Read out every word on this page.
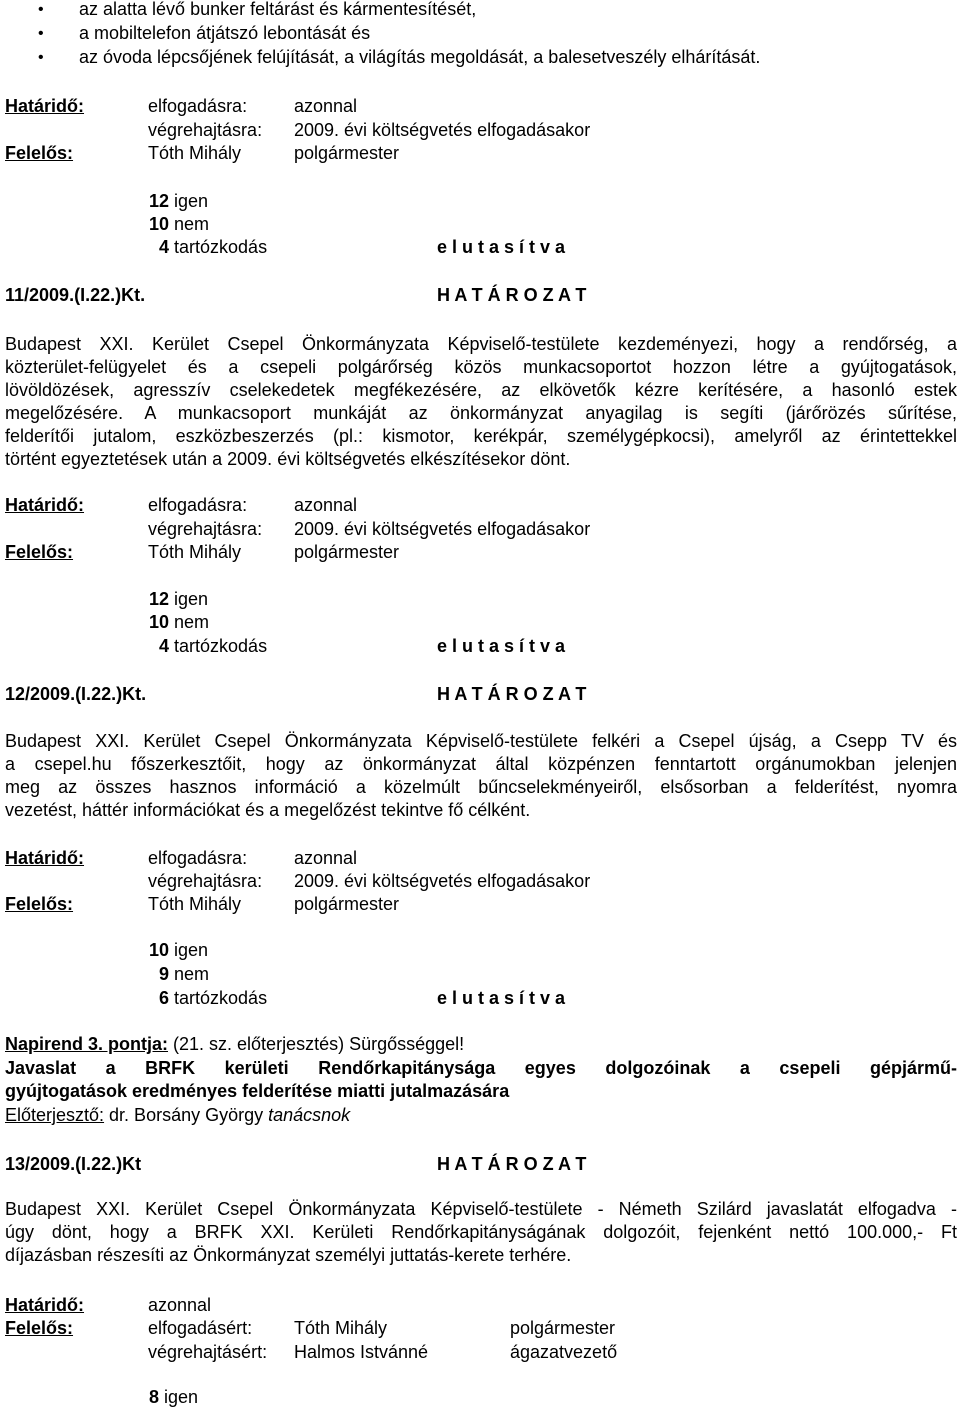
• az alatta lévő bunker feltárást és kármentesítését,
• a mobiltelefon átjátszó lebontását és
• az óvoda lépcsőjének felújítását, a világítás megoldását, a balesetveszély elhárítását.
Határidő:	elfogadásra:	azonnal
végrehajtásra: 2009. évi költségvetés elfogadásakor
Felelős:	Tóth Mihály	polgármester
12 igen
10 nem
4 tartózkodás	e l u t a s í t v a
11/2009.(I.22.)Kt.	H A T Á R O Z A T
Budapest XXI. Kerület Csepel Önkormányzata Képviselő-testülete kezdeményezi, hogy a rendőrség, a
közterület-felügyelet és a csepeli polgárőrség közös munkacsoportot hozzon létre a gyújtogatások,
lövöldözések, agresszív cselekedetek megfékezésére, az elkövetők kézre kerítésére, a hasonló estek
megelőzésére. A munkacsoport munkáját az önkormányzat anyagilag is segíti (járőrözés sűrítése,
felderítői jutalom, eszközbeszerzés (pl.: kismotor, kerékpár, személygépkocsi), amelyről az érintettekkel
történt egyeztetések után a 2009. évi költségvetés elkészítésekor dönt.
Határidő:	elfogadásra:	azonnal
végrehajtásra: 2009. évi költségvetés elfogadásakor
Felelős:	Tóth Mihály	polgármester
12 igen
10 nem
4 tartózkodás	e l u t a s í t v a
12/2009.(I.22.)Kt.	H A T Á R O Z A T
Budapest XXI. Kerület Csepel Önkormányzata Képviselő-testülete felkéri a Csepel újság, a Csepp TV és
a csepel.hu főszerkesztőit, hogy az önkormányzat által közpénzen fenntartott orgánumokban jelenjen
meg az összes hasznos információ a közelmúlt bűncselekményeiről, elsősorban a felderítést, nyomra
vezetést, háttér információkat és a megelőzést tekintve fő célként.
Határidő:	elfogadásra:	azonnal
végrehajtásra: 2009. évi költségvetés elfogadásakor
Felelős:	Tóth Mihály	polgármester
10 igen
9 nem
6 tartózkodás	e l u t a s í t v a
Napirend 3. pontja: (21. sz. előterjesztés) Sürgősséggel!
Javaslat a BRFK kerületi Rendőrkapitánysága egyes dolgozóinak a csepeli gépjármű-
gyújtogatások eredményes felderítése miatti jutalmazására
Előterjesztő: dr. Borsány György tanácsnok
13/2009.(I.22.)Kt	H A T Á R O Z A T
Budapest XXI. Kerület Csepel Önkormányzata Képviselő-testülete - Németh Szilárd javaslatát elfogadva -
úgy dönt, hogy a BRFK XXI. Kerületi Rendőrkapitányságának dolgozóit, fejenként nettó 100.000,- Ft
díjazásban részesíti az Önkormányzat személyi juttatás-kerete terhére.
Határidő:	azonnal
Felelős:	elfogadásért: Tóth Mihály	polgármester
végrehajtásért: Halmos Istvánné	ágazatvezető
8 igen
